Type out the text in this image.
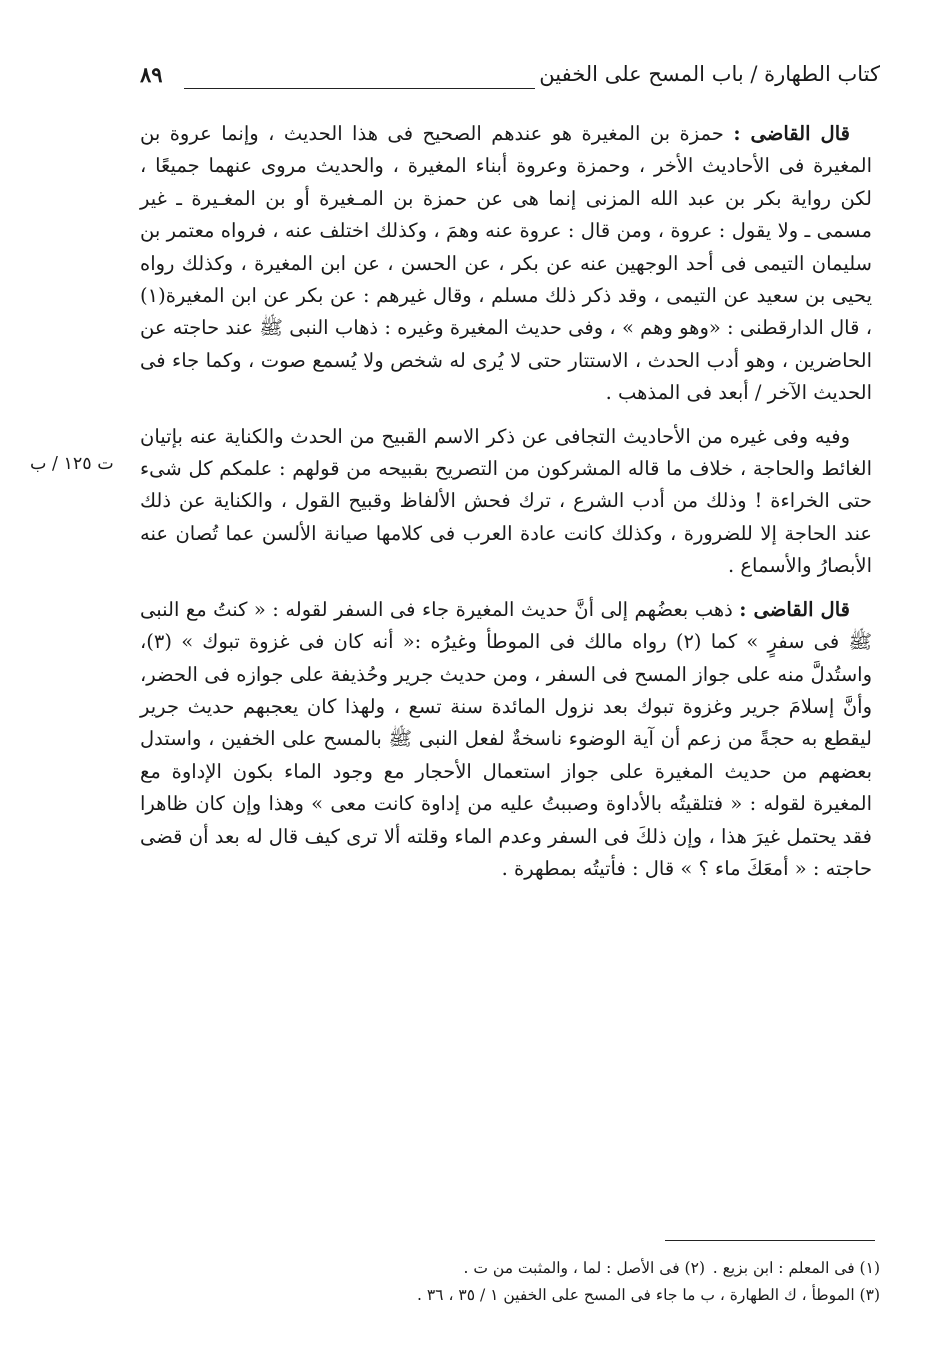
كتاب الطهارة / باب المسح على الخفين
٨٩

قال القاضى : حمزة بن المغيرة هو عندهم الصحيح فى هذا الحديث ، وإنما عروة بن المغيرة فى الأحاديث الأخر ، وحمزة وعروة أبناء المغيرة ، والحديث مروى عنهما جميعًا ، لكن رواية بكر بن عبد الله المزنى إنما هى عن حمزة بن المـغيرة أو بن المغـيرة ـ غير مسمى ـ ولا يقول : عروة ، ومن قال : عروة عنه وهمَ ، وكذلك اختلف عنه ، فرواه معتمر بن سليمان التيمى فى أحد الوجهين عنه عن بكر ، عن الحسن ، عن ابن المغيرة ، وكذلك رواه يحيى بن سعيد عن التيمى ، وقد ذكر ذلك مسلم ، وقال غيرهم : عن بكر عن ابن المغيرة(١) ، قال الدارقطنى : «وهو وهم » ، وفى حديث المغيرة وغيره : ذهاب النبى ﷺ عند حاجته عن الحاضرين ، وهو أدب الحدث ، الاستتار حتى لا يُرى له شخص ولا يُسمع صوت ، وكما جاء فى الحديث الآخر / أبعد فى المذهب .

وفيه وفى غيره من الأحاديث التجافى عن ذكر الاسم القبيح من الحدث والكناية عنه بإتيان الغائط والحاجة ، خلاف ما قاله المشركون من التصريح بقبيحه من قولهم : علمكم كل شىء حتى الخراءة ! وذلك من أدب الشرع ، ترك فحش الألفاظ وقبيح القول ، والكناية عن ذلك عند الحاجة إلا للضرورة ، وكذلك كانت عادة العرب فى كلامها صيانة الألسن عما تُصان عنه الأبصارُ والأسماع .

قال القاضى : ذهب بعضُهم إلى أنَّ حديث المغيرة جاء فى السفر لقوله : « كنتُ مع النبى ﷺ فى سفرٍ » كما (٢) رواه مالك فى الموطأ وغيرُه :« أنه كان فى غزوة تبوك » (٣)، واستُدلَّ منه على جواز المسح فى السفر ، ومن حديث جرير وحُذيفة على جوازه فى الحضر، وأنَّ إسلامَ جرير وغزوة تبوك بعد نزول المائدة سنة تسع ، ولهذا كان يعجبهم حديث جرير ليقطع به حجةً من زعم أن آية الوضوء ناسخةٌ لفعل النبى ﷺ بالمسح على الخفين ، واستدل بعضهم من حديث المغيرة على جواز استعمال الأحجار مع وجود الماء بكون الإداوة مع المغيرة لقوله : « فتلقيتُه بالأداوة وصببتُ عليه من إداوة كانت معى » وهذا وإن كان ظاهرا فقد يحتمل غيرَ هذا ، وإن ذلكَ فى السفر وعدم الماء وقلته ألا ترى كيف قال له بعد أن قضى حاجته : « أمعَكَ ماء ؟ » قال : فأتيتُه بمطهرة .

ت ١٢٥ / ب
(١) فى المعلم : ابن بزيع .
(٢) فى الأصل : لما ، والمثبت من ت .
(٣) الموطأ ، ك الطهارة ، ب ما جاء فى المسح على الخفين ١ / ٣٥ ، ٣٦ .
